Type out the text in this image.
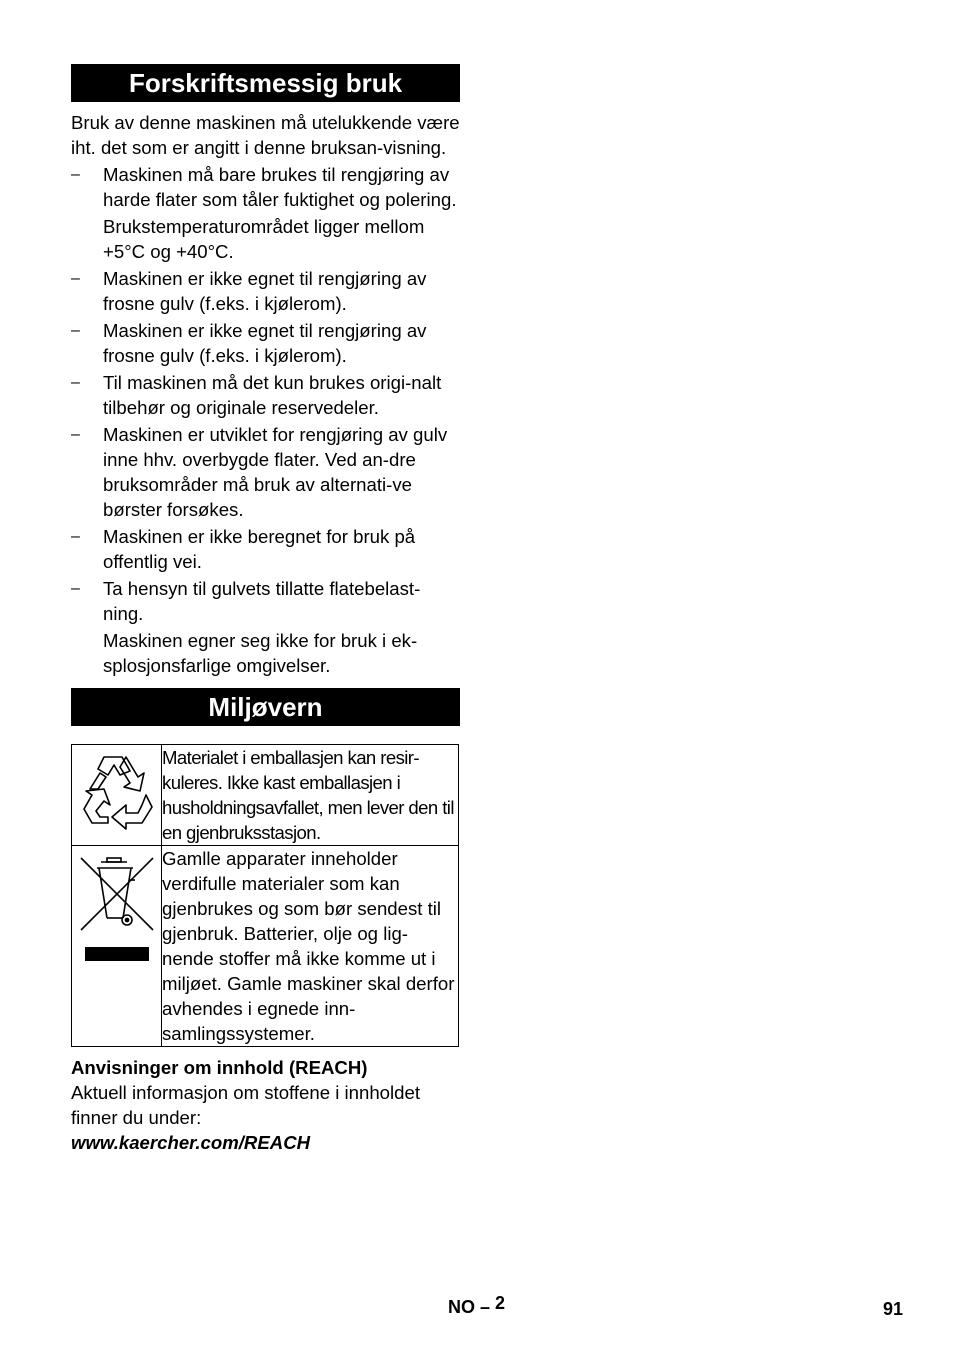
Forskriftsmessig bruk

Bruk av denne maskinen må utelukkende være iht. det som er angitt i denne bruksan-visning.

– Maskinen må bare brukes til rengjøring av harde flater som tåler fuktighet og polering.

Brukstemperaturområdet ligger mellom +5°C og +40°C.

– Maskinen er ikke egnet til rengjøring av frosne gulv (f.eks. i kjølerom).

– Maskinen er ikke egnet til rengjøring av frosne gulv (f.eks. i kjølerom).

– Til maskinen må det kun brukes origi-nalt tilbehør og originale reservedeler.

– Maskinen er utviklet for rengjøring av gulv inne hhv. overbygde flater. Ved an-dre bruksområder må bruk av alternati-ve børster forsøkes.

– Maskinen er ikke beregnet for bruk på offentlig vei.

– Ta hensyn til gulvets tillatte flatebelast-ning.

Maskinen egner seg ikke for bruk i ek-splosjonsfarlige omgivelser.

Miljøvern

Materialet i emballasjen kan resir-kuleres. Ikke kast emballasjen i husholdningsavfallet, men lever den til en gjenbruksstasjon.

Gamlle apparater inneholder verdifulle materialer som kan gjenbrukes og som bør sendest til gjenbruk. Batterier, olje og lig-nende stoffer må ikke komme ut i miljøet. Gamle maskiner skal derfor avhendes i egnede inn-samlingssystemer.

Anvisninger om innhold (REACH)

Aktuell informasjon om stoffene i innholdet finner du under:

www.kaercher.com/REACH

NO – 2	91
